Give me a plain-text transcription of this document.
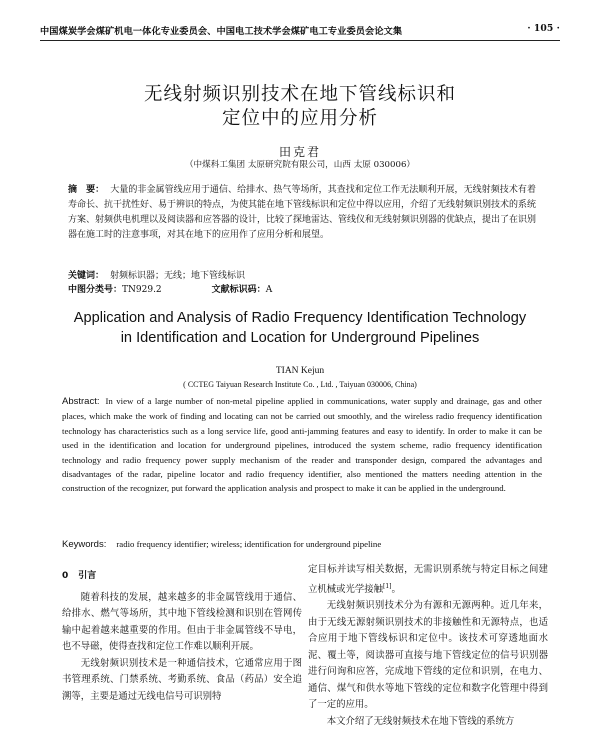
中国煤炭学会煤矿机电一体化专业委员会、中国电工技术学会煤矿电工专业委员会论文集	· 105 ·
无线射频识别技术在地下管线标识和
定位中的应用分析
田克君
（中煤科工集团 太原研究院有限公司，山西 太原 030006）
摘　要： 大量的非金属管线应用于通信、给排水、热气等场所，其查找和定位工作无法顺利开展，无线射频技术有着寿命长、抗干扰性好、易于辨识的特点，为使其能在地下管线标识和定位中得以应用，介绍了无线射频识别技术的系统方案、射频供电机理以及阅读器和应答器的设计，比较了探地雷达、管线仪和无线射频识别器的优缺点，提出了在识别器在施工时的注意事项，对其在地下的应用作了应用分析和展望。
关键词： 射频标识器；无线；地下管线标识
中图分类号：TN929.2	文献标识码：A
Application and Analysis of Radio Frequency Identification Technology
in Identification and Location for Underground Pipelines
TIAN Kejun
( CCTEG Taiyuan Research Institute Co. , Ltd. , Taiyuan 030006, China)
Abstract: In view of a large number of non-metal pipeline applied in communications, water supply and drainage, gas and other places, which make the work of finding and locating can not be carried out smoothly, and the wireless radio frequency identification technology has characteristics such as a long service life, good anti-jamming features and easy to identify. In order to make it can be used in the identification and location for underground pipelines, introduced the system scheme, radio frequency identification technology and radio frequency power supply mechanism of the reader and transponder design, compared the advantages and disadvantages of the radar, pipeline locator and radio frequency identifier, also mentioned the matters needing attention in the construction of the recognizer, put forward the application analysis and prospect to make it can be applied in the underground.
Keywords: radio frequency identifier; wireless; identification for underground pipeline
0 引言

随着科技的发展，越来越多的非金属管线用于通信、给排水、燃气等场所，其中地下管线检测和识别在管网传输中起着越来越重要的作用。但由于非金属管线不导电，也不导磁，使得查找和定位工作难以顺利开展。

无线射频识别技术是一种通信技术，它通常应用于图书管理系统、门禁系统、考勤系统、食品（药品）安全追溯等，主要是通过无线电信号可识别特

定目标并读写相关数据，无需识别系统与特定目标之间建立机械或光学接触[1]。

无线射频识别技术分为有源和无源两种。近几年来，由于无线无源射频识别技术的非接触性和无源特点，也适合应用于地下管线标识和定位中。该技术可穿透地面水泥、覆土等，阅读器可直接与地下管线定位的信号识别器进行问询和应答，完成地下管线的定位和识别，在电力、通信、煤气和供水等地下管线的定位和数字化管理中得到了一定的应用。

本文介绍了无线射频技术在地下管线的系统方
